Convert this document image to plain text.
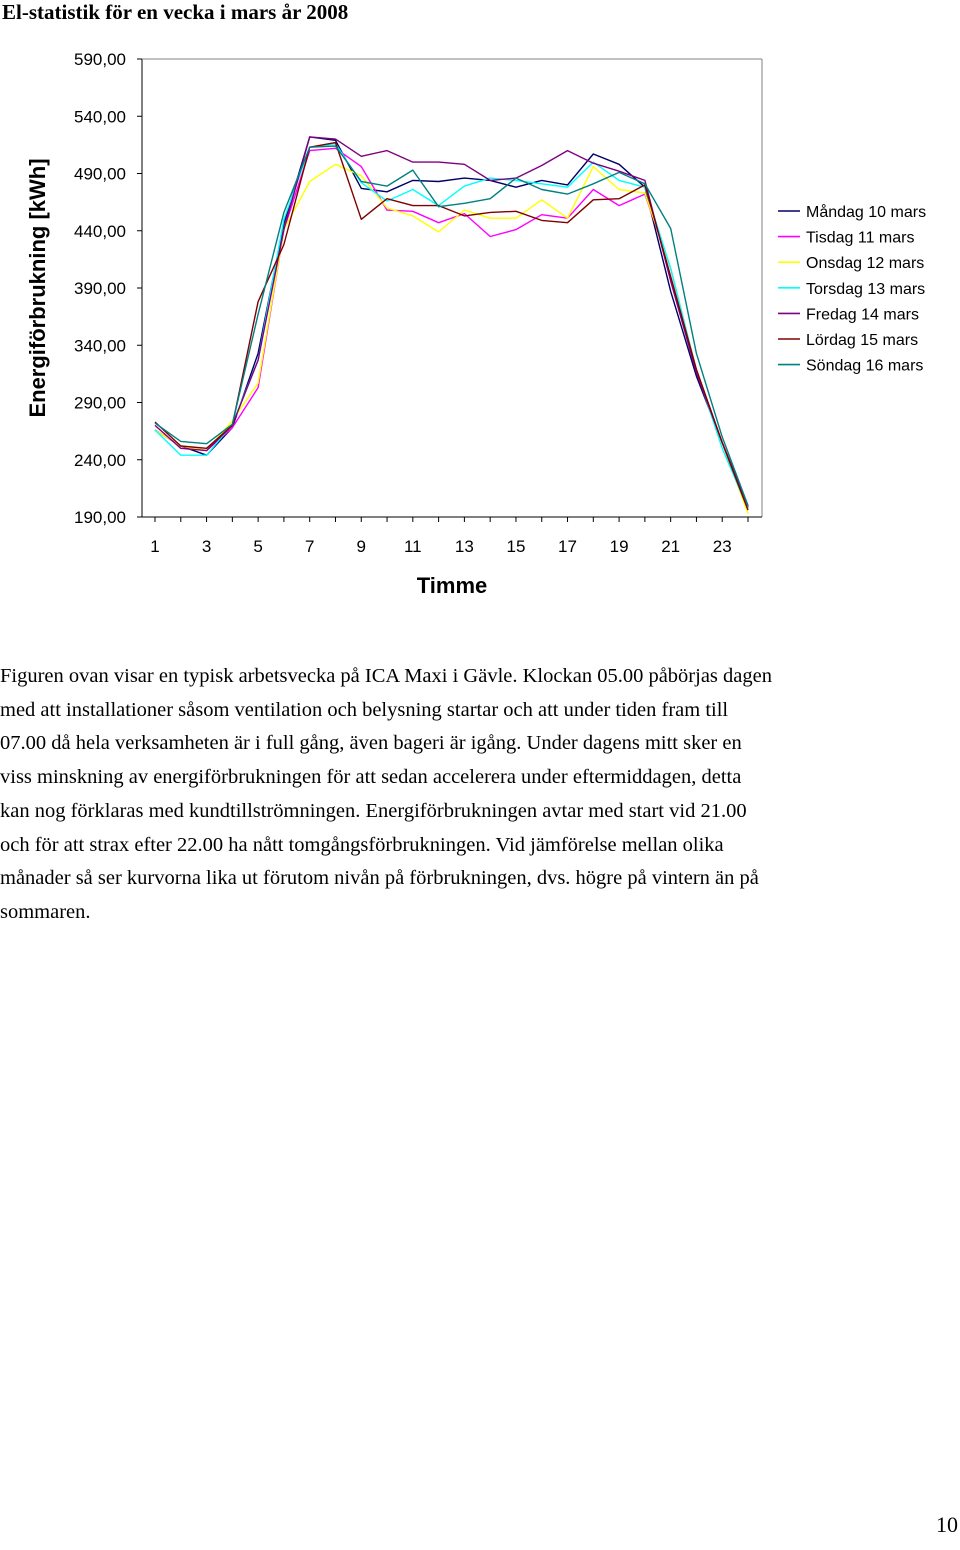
El-statistik för en vecka i mars år 2008
590,00
540,00
490,00
440,00
390,00
340,00
290,00
240,00
190,00
1 3 5 7 9 11 13 15 17 19 21 23
Energiförbrukning [kWh]
Timme
Måndag 10 mars
Tisdag 11 mars
Onsdag 12 mars
Torsdag 13 mars
Fredag 14 mars
Lördag 15 mars
Söndag 16 mars

Figuren ovan visar en typisk arbetsvecka på ICA Maxi i Gävle. Klockan 05.00 påbörjas dagen
med att installationer såsom ventilation och belysning startar och att under tiden fram till
07.00 då hela verksamheten är i full gång, även bageri är igång. Under dagens mitt sker en
viss minskning av energiförbrukningen för att sedan accelerera under eftermiddagen, detta
kan nog förklaras med kundtillströmningen. Energiförbrukningen avtar med start vid 21.00
och för att strax efter 22.00 ha nått tomgångsförbrukningen. Vid jämförelse mellan olika
månader så ser kurvorna lika ut förutom nivån på förbrukningen, dvs. högre på vintern än på
sommaren.

10
